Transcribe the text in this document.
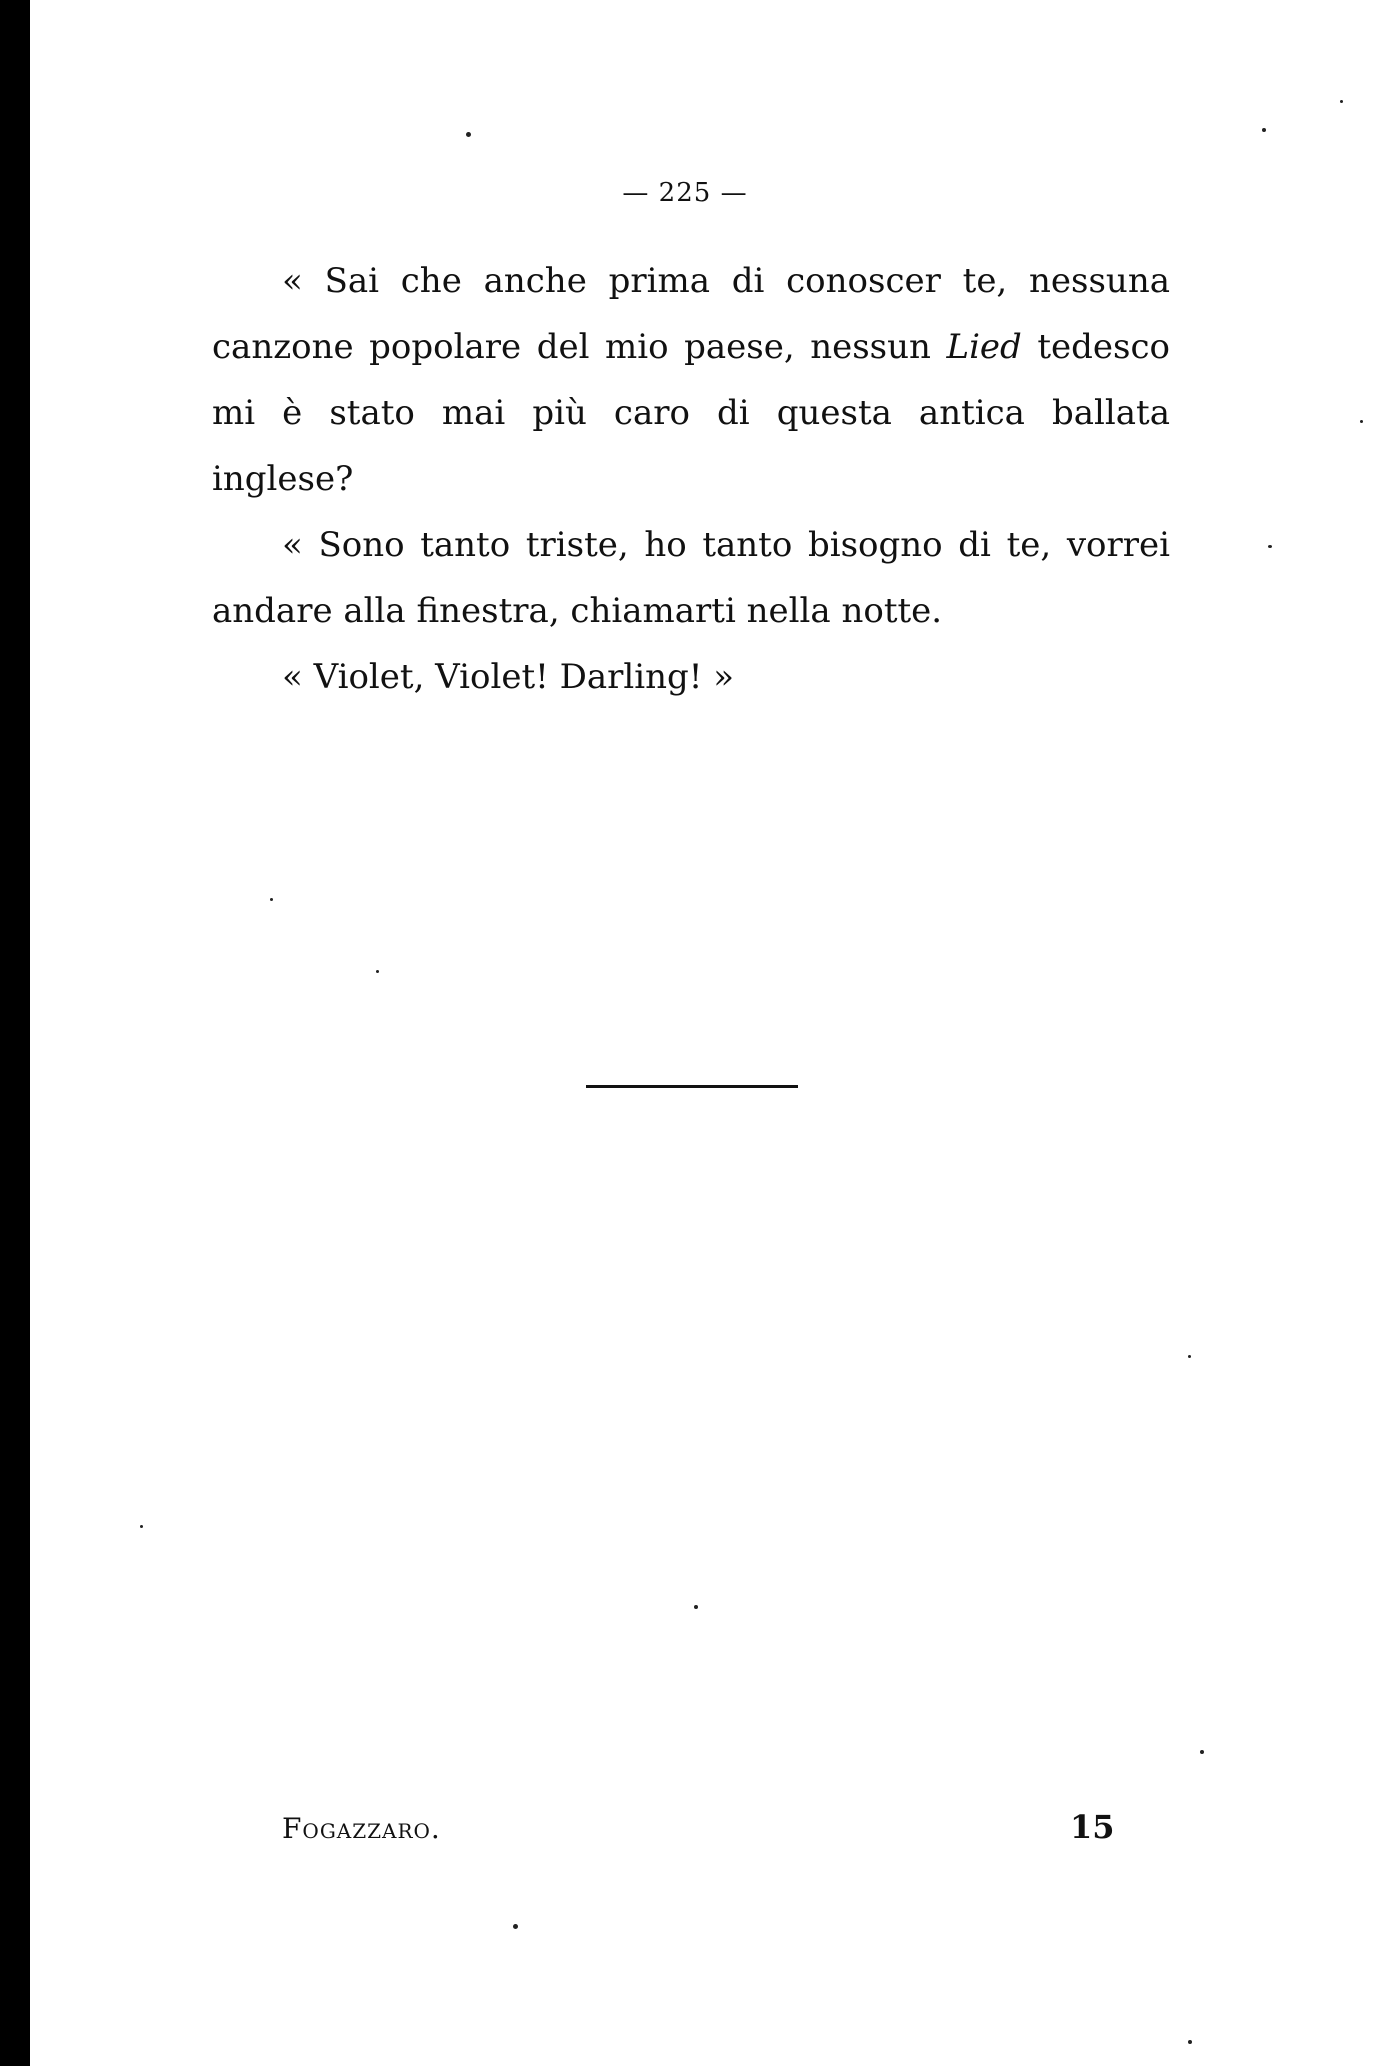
— 225 —

« Sai che anche prima di conoscer te, nessuna canzone popolare del mio paese, nessun Lied tedesco mi è stato mai più caro di questa antica ballata inglese?

« Sono tanto triste, ho tanto bisogno di te, vorrei andare alla finestra, chiamarti nella notte.

« Violet, Violet! Darling! »

Fogazzaro.	15
